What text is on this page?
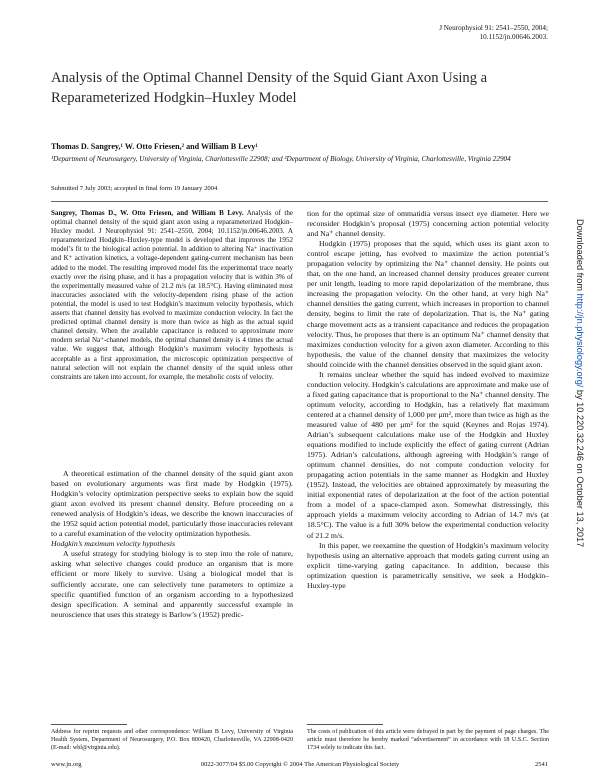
J Neurophysiol 91: 2541–2550, 2004;
10.1152/jn.00646.2003.
Analysis of the Optimal Channel Density of the Squid Giant Axon Using a Reparameterized Hodgkin–Huxley Model
Thomas D. Sangrey,¹ W. Otto Friesen,² and William B Levy¹
¹Department of Neurosurgery, University of Virginia, Charlottesville 22908; and ²Department of Biology, University of Virginia, Charlottesville, Virginia 22904
Submitted 7 July 2003; accepted in final form 19 January 2004
Sangrey, Thomas D., W. Otto Friesen, and William B Levy. Analysis of the optimal channel density of the squid giant axon using a reparameterized Hodgkin–Huxley model. J Neurophysiol 91: 2541–2550, 2004; 10.1152/jn.00646.2003. A reparameterized Hodgkin–Huxley-type model is developed that improves the 1952 model’s fit to the biological action potential. In addition to altering Na⁺ inactivation and K⁺ activation kinetics, a voltage-dependent gating-current mechanism has been added to the model. The resulting improved model fits the experimental trace nearly exactly over the rising phase, and it has a propagation velocity that is within 3% of the experimentally measured value of 21.2 m/s (at 18.5°C). Having eliminated most inaccuracies associated with the velocity-dependent rising phase of the action potential, the model is used to test Hodgkin’s maximum velocity hypothesis, which asserts that channel density has evolved to maximize conduction velocity. In fact the predicted optimal channel density is more than twice as high as the actual squid channel density. When the available capacitance is reduced to approximate more modern serial Na⁺-channel models, the optimal channel density is 4 times the actual value. We suggest that, although Hodgkin’s maximum velocity hypothesis is acceptable as a first approximation, the microscopic optimization perspective of natural selection will not explain the channel density of the squid unless other constraints are taken into account, for example, the metabolic costs of velocity.

A theoretical estimation of the channel density of the squid giant axon based on evolutionary arguments was first made by Hodgkin (1975). Hodgkin’s velocity optimization perspective seeks to explain how the squid giant axon evolved its present channel density. Before proceeding on a renewed analysis of Hodgkin’s ideas, we describe the known inaccuracies of the 1952 squid action potential model, particularly those inaccuracies relevant to a careful examination of the velocity optimization hypothesis.

Hodgkin’s maximum velocity hypothesis

A useful strategy for studying biology is to step into the role of nature, asking what selective changes could produce an organism that is more efficient or more likely to survive. Using a biological model that is sufficiently accurate, one can selectively tune parameters to optimize a specific quantified function of an organism according to a hypothesized design specification. A seminal and apparently successful example in neuroscience that uses this strategy is Barlow’s (1952) predic-

tion for the optimal size of ommatidia versus insect eye diameter. Here we reconsider Hodgkin’s proposal (1975) concerning action potential velocity and Na⁺ channel density.

Hodgkin (1975) proposes that the squid, which uses its giant axon to control escape jetting, has evolved to maximize the action potential’s propagation velocity by optimizing the Na⁺ channel density. He points out that, on the one hand, an increased channel density produces greater current per unit length, leading to more rapid depolarization of the membrane, thus increasing the propagation velocity. On the other hand, at very high Na⁺ channel densities the gating current, which increases in proportion to channel density, begins to limit the rate of depolarization. That is, the Na⁺ gating charge movement acts as a transient capacitance and reduces the propagation velocity. Thus, he proposes that there is an optimum Na⁺ channel density that maximizes conduction velocity for a given axon diameter. According to this hypothesis, the value of the channel density that maximizes the velocity should coincide with the channel densities observed in the squid giant axon.

It remains unclear whether the squid has indeed evolved to maximize conduction velocity. Hodgkin’s calculations are approximate and make use of a fixed gating capacitance that is proportional to the Na⁺ channel density. The optimum velocity, according to Hodgkin, has a relatively flat maximum centered at a channel density of 1,000 per μm², more than twice as high as the measured value of 480 per μm² for the squid (Keynes and Rojas 1974). Adrian’s subsequent calculations make use of the Hodgkin and Huxley equations modified to include explicitly the effect of gating current (Adrian 1975). Adrian’s calculations, although agreeing with Hodgkin’s range of optimum channel densities, do not compute conduction velocity for propagating action potentials in the same manner as Hodgkin and Huxley (1952). Instead, the velocities are obtained approximately by measuring the initial exponential rates of depolarization at the foot of the action potential from a model of a space-clamped axon. Somewhat distressingly, this approach yields a maximum velocity according to Adrian of 14.7 m/s (at 18.5°C). The value is a full 30% below the experimental conduction velocity of 21.2 m/s.

In this paper, we reexamine the question of Hodgkin’s maximum velocity hypothesis using an alternative approach that models gating current using an explicit time-varying gating capacitance. In addition, because this optimization question is parametrically sensitive, we seek a Hodgkin–Huxley-type

Address for reprint requests and other correspondence: William B Levy, University of Virginia Health System, Department of Neurosurgery, P.O. Box 800420, Charlottesville, VA 22908-0420 (E-mail: wbl@virginia.edu).
The costs of publication of this article were defrayed in part by the payment of page charges. The article must therefore be hereby marked “advertisement” in accordance with 18 U.S.C. Section 1734 solely to indicate this fact.
www.jn.org	0022-3077/04 $5.00 Copyright © 2004 The American Physiological Society	2541
Downloaded from http://jn.physiology.org/ by 10.220.32.246 on October 13, 2017
